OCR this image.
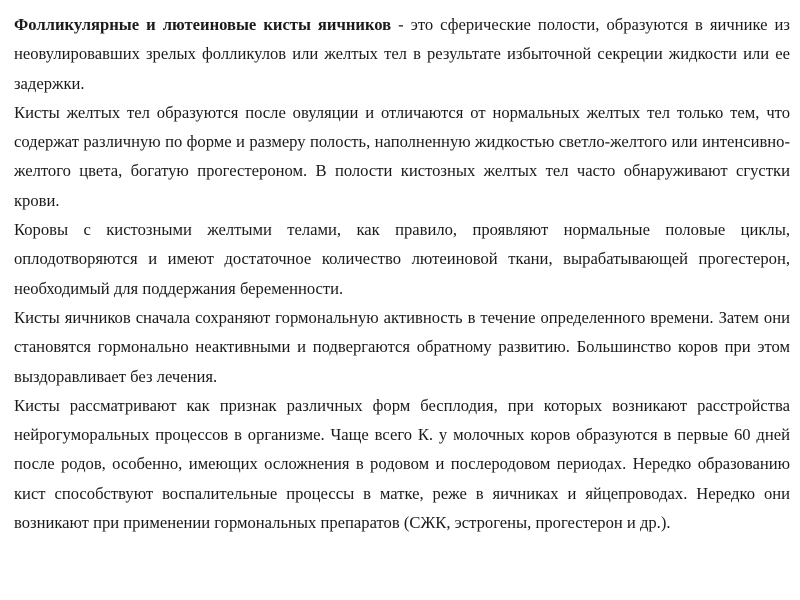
Фолликулярные и лютеиновые кисты яичников - это сферические полости, образуются в яичнике из неовулировавших зрелых фолликулов или желтых тел в результате избыточной секреции жидкости или ее задержки.

Кисты желтых тел образуются после овуляции и отличаются от нормальных желтых тел только тем, что содержат различную по форме и размеру полость, наполненную жидкостью светло-желтого или интенсивно-желтого цвета, богатую прогестероном. В полости кистозных желтых тел часто обнаруживают сгустки крови.

Коровы с кистозными желтыми телами, как правило, проявляют нормальные половые циклы, оплодотворяются и имеют достаточное количество лютеиновой ткани, вырабатывающей прогестерон, необходимый для поддержания беременности.

Кисты яичников сначала сохраняют гормональную активность в течение определенного времени. Затем они становятся гормонально неактивными и подвергаются обратному развитию. Большинство коров при этом выздоравливает без лечения.

Кисты рассматривают как признак различных форм бесплодия, при которых возникают расстройства нейрогуморальных процессов в организме. Чаще всего К. у молочных коров образуются в первые 60 дней после родов, особенно, имеющих осложнения в родовом и послеродовом периодах. Нередко образованию кист способствуют воспалительные процессы в матке, реже в яичниках и яйцепроводах. Нередко они возникают при применении гормональных препаратов (СЖК, эстрогены, прогестерон и др.).
